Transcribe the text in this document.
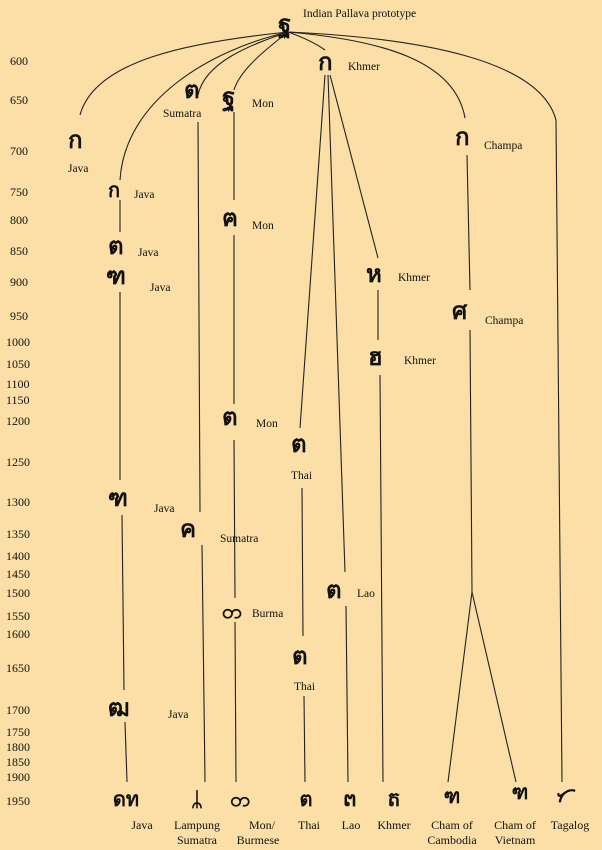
600
650
700
750
800
850
900
950
1000
1050
1100
1150
1200
1250
1300
1350
1400
1450
1500
1550
1600
1650
1700
1750
1800
1850
1900
1950
ฐ Indian Pallava prototype
ก Khmer
ต
Sumatra
ฐ Mon
ก
Java
ก Champa
ก Java
ฅ Mon
ต Java
ฑ Java	ห Khmer
ศ Champa
ฮ Khmer
ต Mon
ต
Thai
ฑ Java
ค Sumatra
ต Lao
တ Burma
ต
Thai
ฒ	Java
ดท
Java
ᛦ
Lampung
Sumatra
တ
Mon/
Burmese
ต
Thai
ຕ
Lao
ត
Khmer
ฑ
Cham of
Cambodia
ฑ
Cham of
Vietnam
ᜆ
Tagalog
